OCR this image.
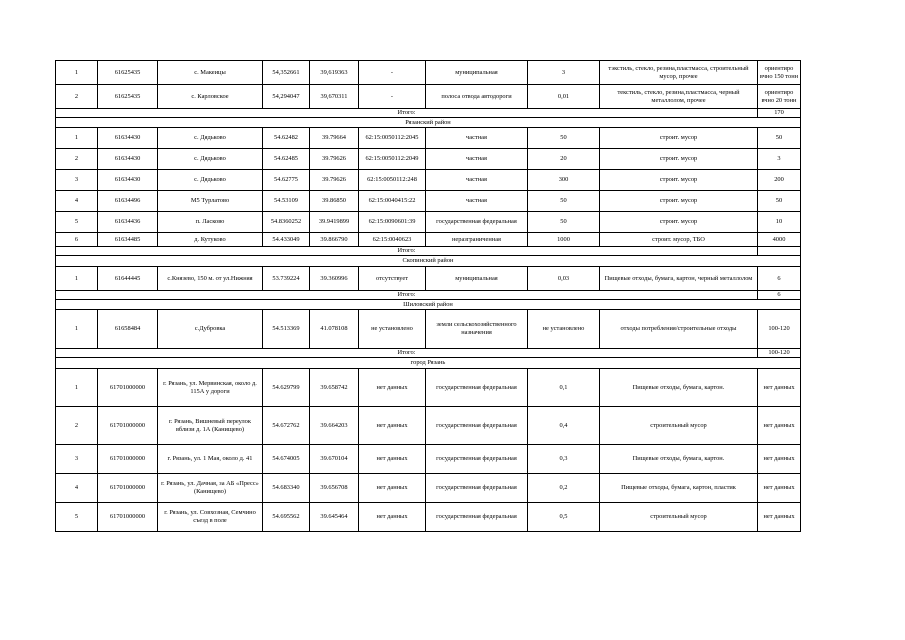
1	61625435	с. Макеицы	54,352661	39,619363	-	муниципальная	3	тэкстиль, стекло, резина,пластмасса, строительный мусор, прочее	ориентиро вчно 150 тонн
2	61625435	с. Карловское	54,294047	39,670311	-	полоса отвода автодороги	0,01	текстиль, стекло, резина,пластмасса, черный металлолом, прочее	ориентиро вчно 20 тонн
Итого:									170
Рязанский район									
1	61634430	с. Дядьково	54.62482	39.79664	62:15:0050112:2045	частная	50	строит. мусор	50
2	61634430	с. Дядьково	54.62485	39.79626	62:15:0050112:2049	частная	20	строит. мусор	3
3	61634430	с. Дядьково	54.62775	39.79626	62:15:0050112:248	частная	300	строит. мусор	200
4	61634496	М5 Турлатово	54.53109	39.86850	62:15:0040415:22	частная	50	строит. мусор	50
5	61634436	п. Ласково	54.8360252	39.9419899	62:15:0090601:39	государственная федеральная	50	строит. мусор	10
6	61634485	д. Кутуково	54.433049	39.866790	62:15:0040623	неразграниченная	1000	строит. мусор, ТБО	4000
Итого:									
Скопинский район									
1	61644445	с.Князево, 150 м. от ул.Нижняя	53.739224	39.360996	отсутствует	муниципальная	0,03	Пищевые отходы, бумага, картон, черный металлолом	6
Итого:									6
Шиловский район									
1	61658484	с.Дубровка	54.513369	41.078108	не установлено	земли сельскохозяйственного назначения	не установлено	отходы потребления/строительные отходы	100-120
Итого:									100-120
город Рязань									
1	61701000000	г. Рязань, ул. Мервинская, около д. 115А у дороги	54.629799	39.658742	нет данных	государственная федеральная	0,1	Пищевые отходы, бумага, картон.	нет данных
2	61701000000	г. Рязань, Вишневый переулок вблизи д. 1А (Канищево)	54.672762	39.664203	нет данных	государственная федеральная	0,4	строительный мусор	нет данных
3	61701000000	г. Рязань, ул. 1 Мая, около д. 41	54.674005	39.670104	нет данных	государственная федеральная	0,3	Пищевые отходы, бумага, картон.	нет данных
4	61701000000	г. Рязань, ул. Дачная, за АБ «Пресс» (Канищево)	54.683340	39.656708	нет данных	государственная федеральная	0,2	Пищевые отходы, бумага, картон, пластик	нет данных
5	61701000000	г. Рязань, ул. Совхозная, Семчино съезд в поле	54.695562	39.645464	нет данных	государственная федеральная	0,5	строительный мусор	нет данных
